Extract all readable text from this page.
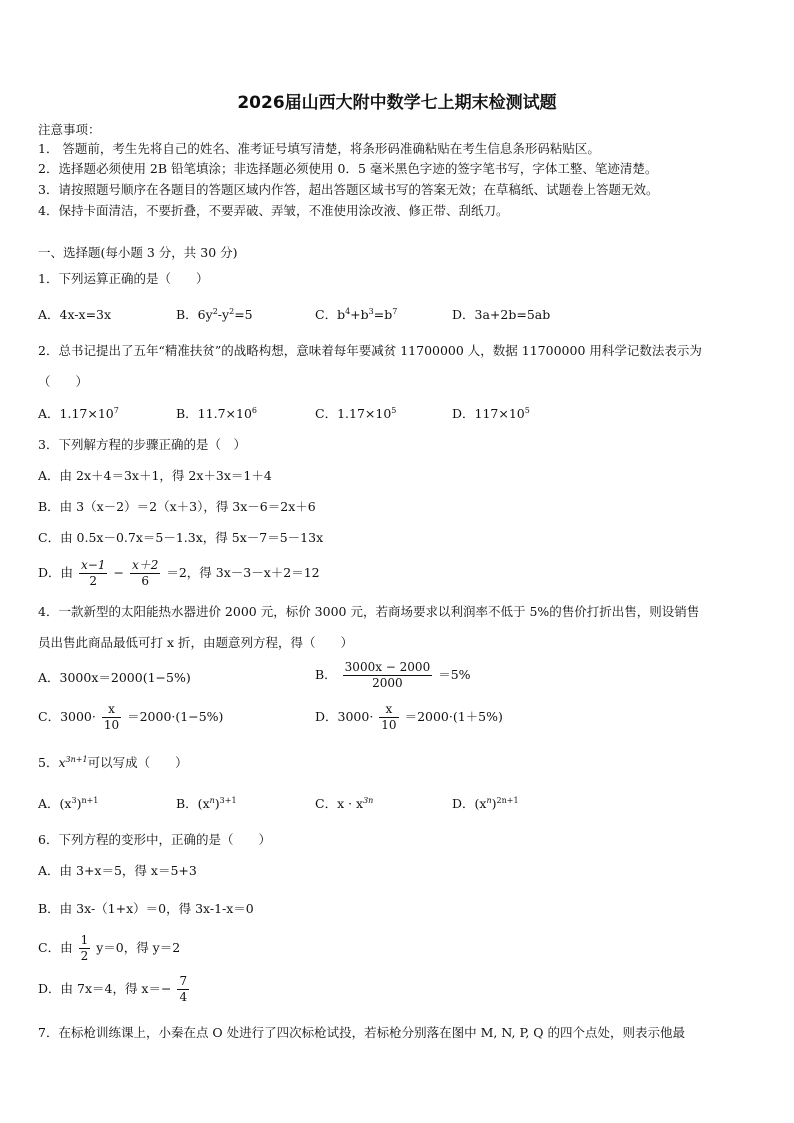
2026届山西大附中数学七上期末检测试题
注意事项：
1． 答题前，考生先将自己的姓名、准考证号填写清楚，将条形码准确粘贴在考生信息条形码粘贴区。
2．选择题必须使用 2B 铅笔填涂；非选择题必须使用 0．5 毫米黑色字迹的签字笔书写，字体工整、笔迹清楚。
3．请按照题号顺序在各题目的答题区域内作答，超出答题区域书写的答案无效；在草稿纸、试题卷上答题无效。
4．保持卡面清洁，不要折叠，不要弄破、弄皱，不准使用涂改液、修正带、刮纸刀。
一、选择题(每小题 3 分，共 30 分)
1．下列运算正确的是（　　）
A．4x-x=3x	B．$6y^2-y^2=5$	C．$b^4+b^3=b^7$	D．3a+2b=5ab
2．总书记提出了五年“精准扶贫”的战略构想，意味着每年要减贫 11700000 人，数据 11700000 用科学记数法表示为
（　　）
A．$1.17\times 10^7$	B．$11.7\times 10^6$	C．$1.17\times 10^5$	D．$117\times 10^5$
3．下列解方程的步骤正确的是（　）
A．由 2x＋4＝3x＋1，得 2x＋3x＝1＋4
B．由 3（x－2）＝2（x＋3），得 3x－6＝2x＋6
C．由 0.5x－0.7x＝5－1.3x，得 5x－7＝5－13x
D．由 $\frac{x-1}{2} - \frac{x+2}{6} =2$，得 3x－3－x＋2＝12
4．一款新型的太阳能热水器进价 2000 元，标价 3000 元，若商场要求以利润率不低于 5%的售价打折出售，则设销售
员出售此商品最低可打 x 折，由题意列方程，得（　　）
A．3000x＝2000(1−5%)	B． $\frac{3000x - 2000}{2000} =5\%$
C．$3000\cdot \frac{x}{10} =2000\cdot(1-5\%)$	D．$3000\cdot \frac{x}{10} =2000\cdot(1+5\%)$
5．$x^{3n+1}$可以写成（　　）
A．$(x^3)^{n+1}$	B．$(x^n)^{3+1}$	C．$x \cdot x^{3n}$	D．$(x^n)^{2n+1}$
6．下列方程的变形中，正确的是（　　）
A．由 3+x＝5，得 x＝5+3
B．由 3x-（1+x）＝0，得 3x-1-x＝0
C．由 $\frac{1}{2} y=0$，得 y＝2
D．由 7x＝4，得 $x=- \frac{7}{4}$
7．在标枪训练课上，小秦在点 O 处进行了四次标枪试投，若标枪分别落在图中 M, N, P, Q 的四个点处，则表示他最
